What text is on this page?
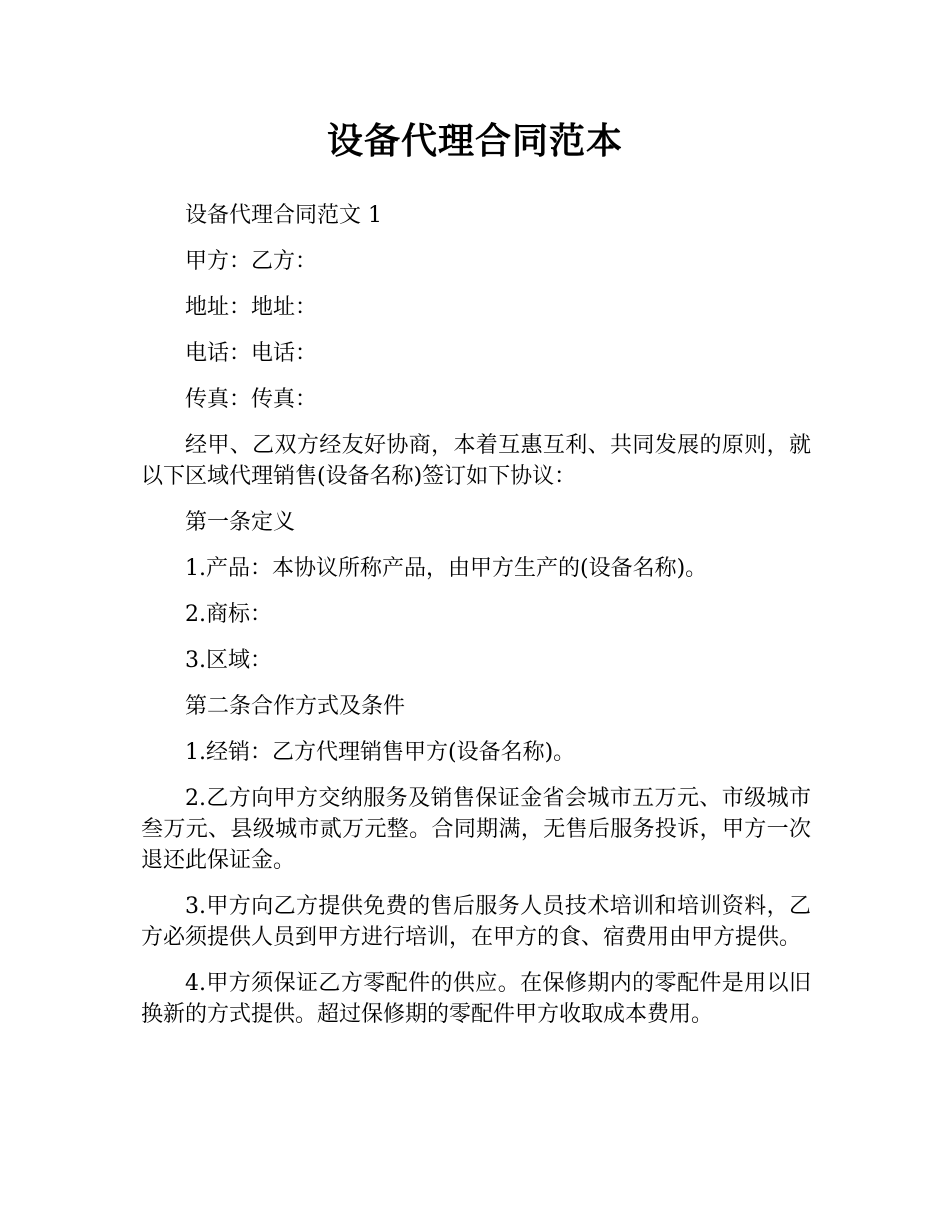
设备代理合同范本

设备代理合同范文 1

甲方：乙方：

地址：地址：

电话：电话：

传真：传真：

经甲、乙双方经友好协商，本着互惠互利、共同发展的原则，就以下区域代理销售(设备名称)签订如下协议：

第一条定义

1.产品：本协议所称产品，由甲方生产的(设备名称)。

2.商标：

3.区域：

第二条合作方式及条件

1.经销：乙方代理销售甲方(设备名称)。

2.乙方向甲方交纳服务及销售保证金省会城市五万元、市级城市叁万元、县级城市贰万元整。合同期满，无售后服务投诉，甲方一次退还此保证金。

3.甲方向乙方提供免费的售后服务人员技术培训和培训资料，乙方必须提供人员到甲方进行培训，在甲方的食、宿费用由甲方提供。

4.甲方须保证乙方零配件的供应。在保修期内的零配件是用以旧换新的方式提供。超过保修期的零配件甲方收取成本费用。
